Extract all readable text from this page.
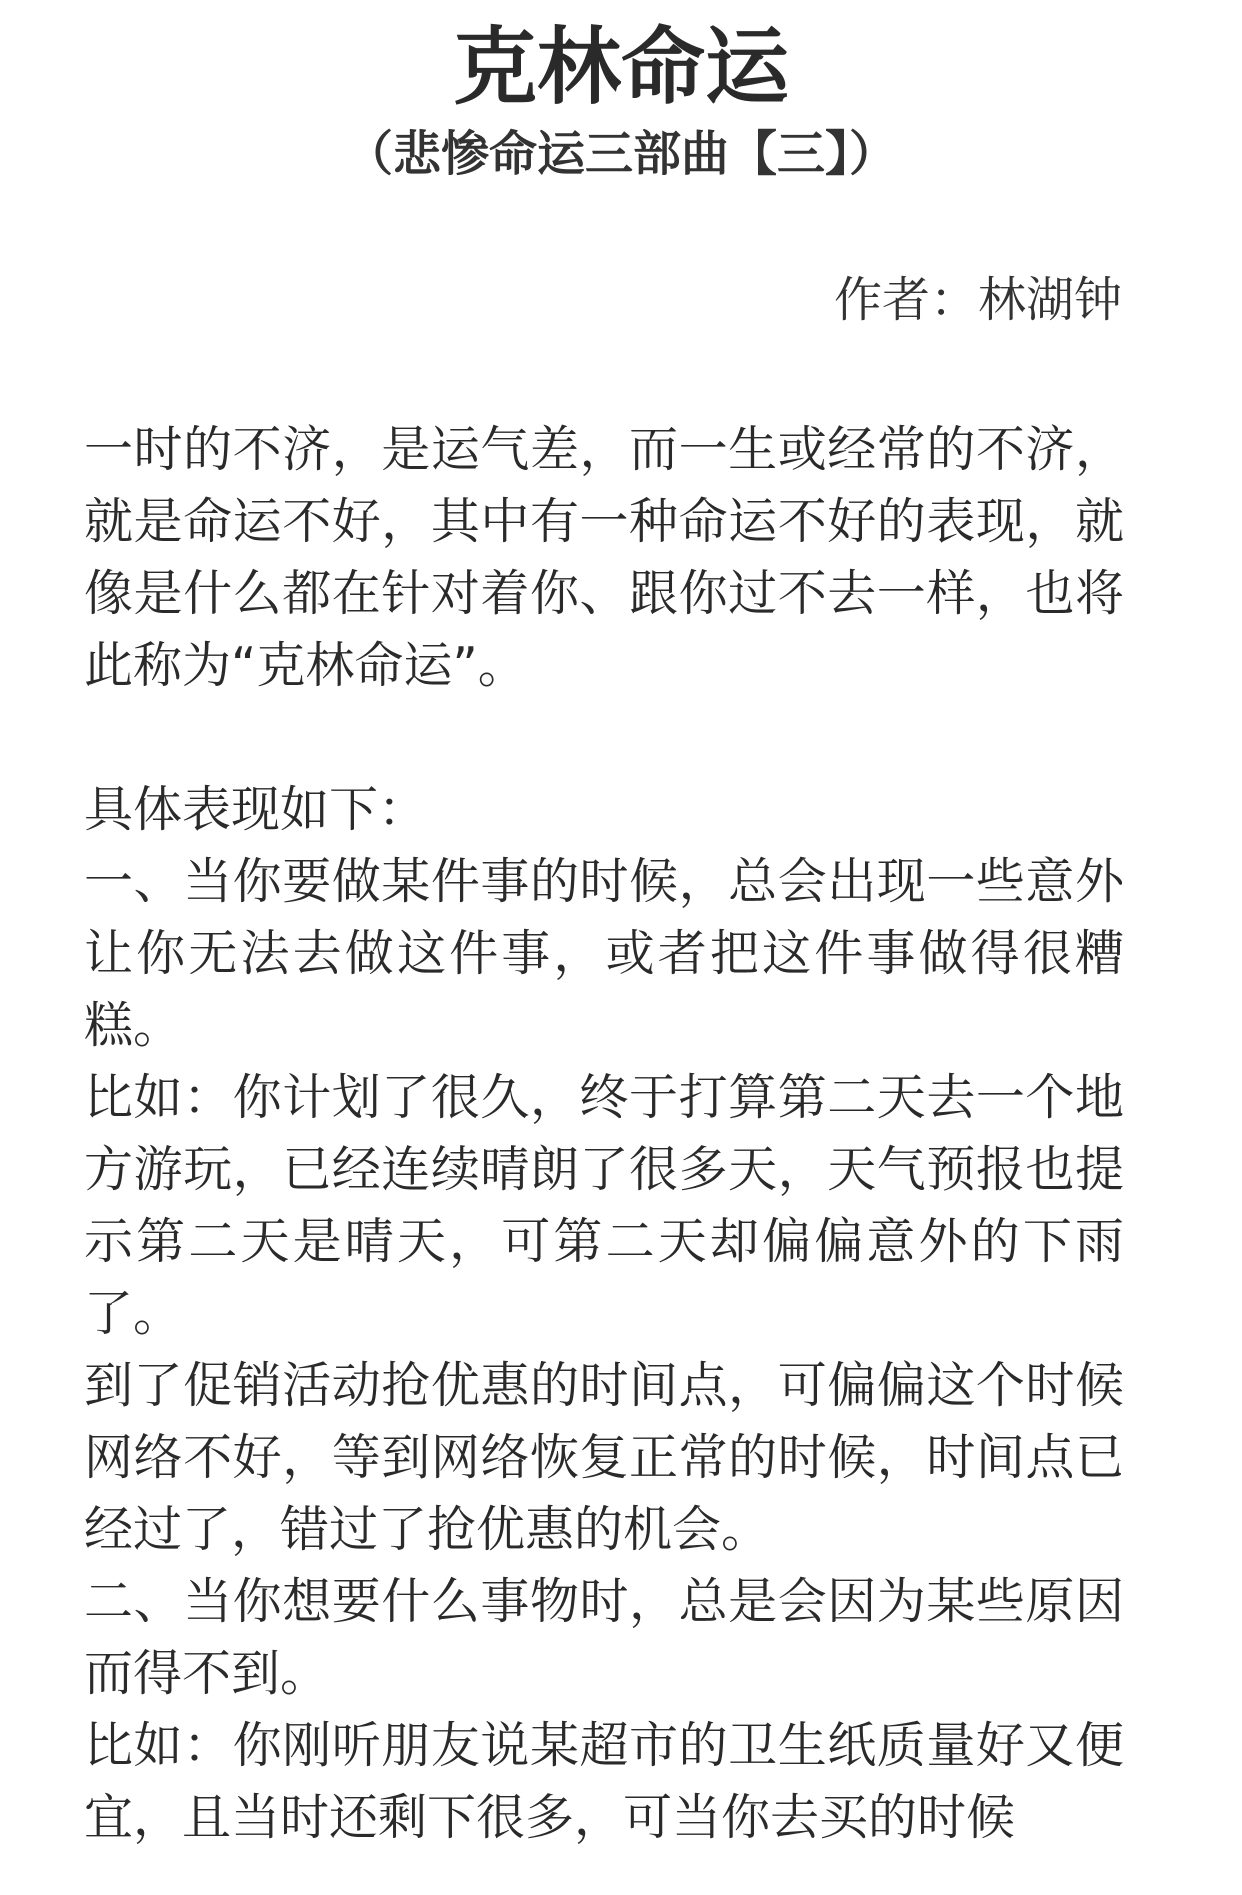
克林命运
（悲惨命运三部曲【三】）
作者：林湖钟

一时的不济，是运气差，而一生或经常的不济，就是命运不好，其中有一种命运不好的表现，就像是什么都在针对着你、跟你过不去一样，也将此称为“克林命运”。

具体表现如下：

一、当你要做某件事的时候，总会出现一些意外让你无法去做这件事，或者把这件事做得很糟糕。

比如：你计划了很久，终于打算第二天去一个地方游玩，已经连续晴朗了很多天，天气预报也提示第二天是晴天，可第二天却偏偏意外的下雨了。

到了促销活动抢优惠的时间点，可偏偏这个时候网络不好，等到网络恢复正常的时候，时间点已经过了，错过了抢优惠的机会。

二、当你想要什么事物时，总是会因为某些原因而得不到。

比如：你刚听朋友说某超市的卫生纸质量好又便宜，且当时还剩下很多，可当你去买的时候
